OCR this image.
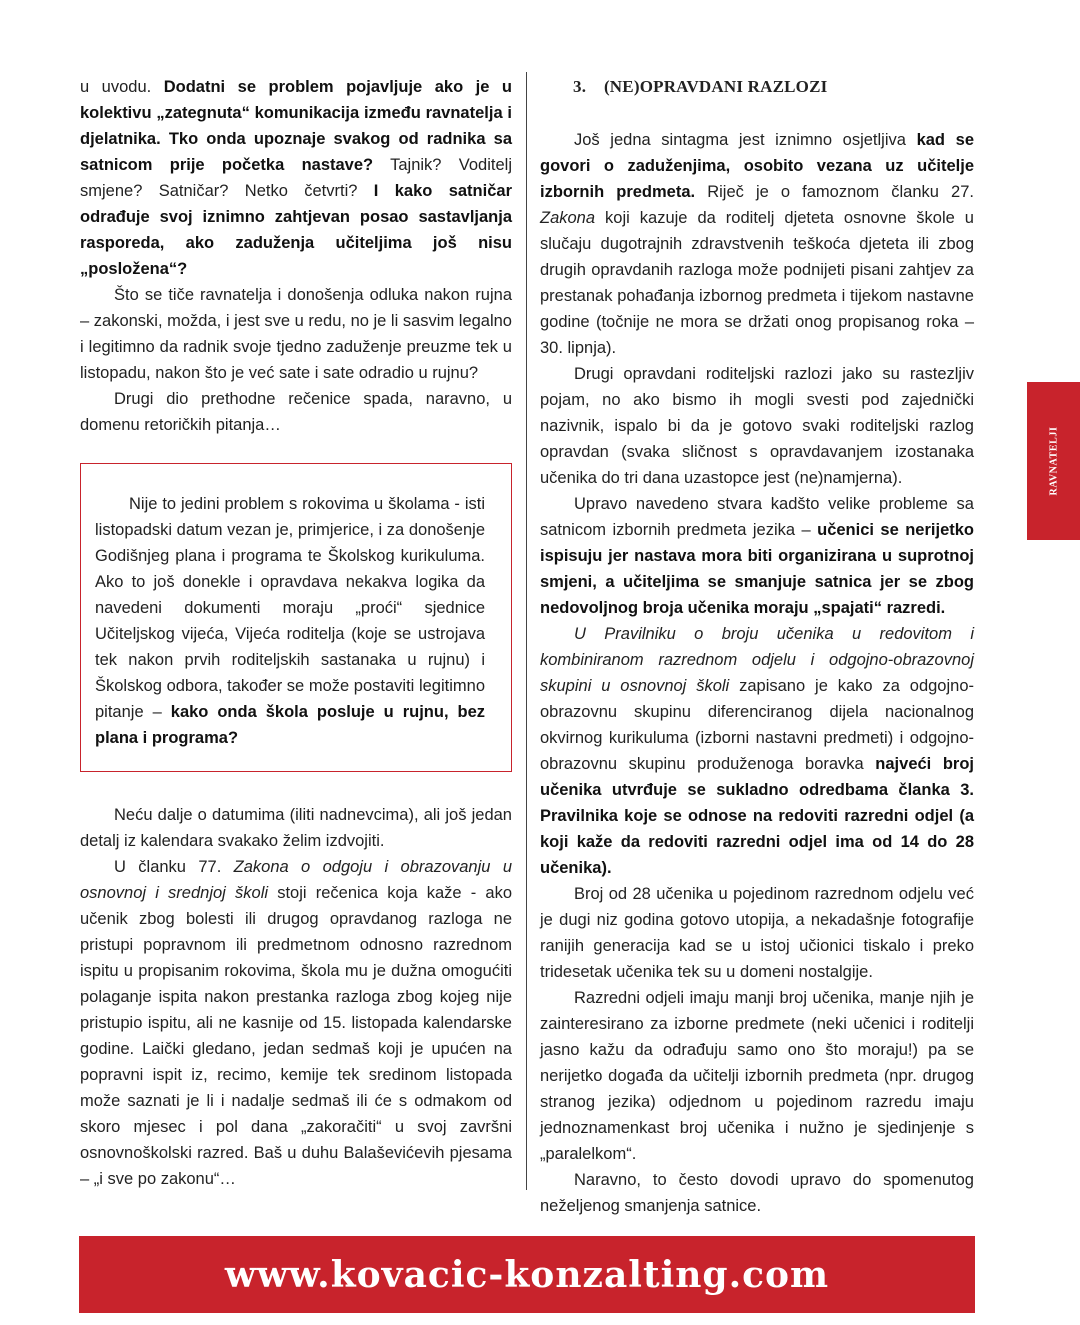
u uvodu. Dodatni se problem pojavljuje ako je u kolektivu „zategnuta“ komunikacija između ravnatelja i djelatnika. Tko onda upoznaje svakog od radnika sa satnicom prije početka nastave? Tajnik? Voditelj smjene? Satničar? Netko četvrti? I kako satničar odrađuje svoj iznimno zahtjevan posao sastavljanja rasporeda, ako zaduženja učiteljima još nisu „posložena“?

Što se tiče ravnatelja i donošenja odluka nakon rujna – zakonski, možda, i jest sve u redu, no je li sasvim legalno i legitimno da radnik svoje tjedno zaduženje preuzme tek u listopadu, nakon što je već sate i sate odradio u rujnu?

Drugi dio prethodne rečenice spada, naravno, u domenu retoričkih pitanja…

Nije to jedini problem s rokovima u školama - isti listopadski datum vezan je, primjerice, i za donošenje Godišnjeg plana i programa te Školskog kurikuluma. Ako to još donekle i opravdava nekakva logika da navedeni dokumenti moraju „proći“ sjednice Učiteljskog vijeća, Vijeća roditelja (koje se ustrojava tek nakon prvih roditeljskih sastanaka u rujnu) i Školskog odbora, također se može postaviti legitimno pitanje – kako onda škola posluje u rujnu, bez plana i programa?

Neću dalje o datumima (iliti nadnevcima), ali još jedan detalj iz kalendara svakako želim izdvojiti.

U članku 77. Zakona o odgoju i obrazovanju u osnovnoj i srednjoj školi stoji rečenica koja kaže - ako učenik zbog bolesti ili drugog opravdanog razloga ne pristupi popravnom ili predmetnom odnosno razrednom ispitu u propisanim rokovima, škola mu je dužna omogućiti polaganje ispita nakon prestanka razloga zbog kojeg nije pristupio ispitu, ali ne kasnije od 15. listopada kalendarske godine. Laički gledano, jedan sedmaš koji je upućen na popravni ispit iz, recimo, kemije tek sredinom listopada može saznati je li i nadalje sedmaš ili će s odmakom od skoro mjesec i pol dana „zakoračiti“ u svoj završni osnovnoškolski razred. Baš u duhu Balaševićevih pjesama – „i sve po zakonu“…

3.    (NE)OPRAVDANI RAZLOZI

Još jedna sintagma jest iznimno osjetljiva kad se govori o zaduženjima, osobito vezana uz učitelje izbornih predmeta. Riječ je o famoznom članku 27. Zakona koji kazuje da roditelj djeteta osnovne škole u slučaju dugotrajnih zdravstvenih teškoća djeteta ili zbog drugih opravdanih razloga može podnijeti pisani zahtjev za prestanak pohađanja izbornog predmeta i tijekom nastavne godine (točnije ne mora se držati onog propisanog roka – 30. lipnja).

Drugi opravdani roditeljski razlozi jako su rastezljiv pojam, no ako bismo ih mogli svesti pod zajednički nazivnik, ispalo bi da je gotovo svaki roditeljski razlog opravdan (svaka sličnost s opravdavanjem izostanaka učenika do tri dana uzastopce jest (ne)namjerna).

Upravo navedeno stvara kadšto velike probleme sa satnicom izbornih predmeta jezika – učenici se nerijetko ispisuju jer nastava mora biti organizirana u suprotnoj smjeni, a učiteljima se smanjuje satnica jer se zbog nedovoljnog broja učenika moraju „spajati“ razredi.

U Pravilniku o broju učenika u redovitom i kombiniranom razrednom odjelu i odgojno-obrazovnoj skupini u osnovnoj školi zapisano je kako za odgojno-obrazovnu skupinu diferenciranog dijela nacionalnog okvirnog kurikuluma (izborni nastavni predmeti) i odgojno-obrazovnu skupinu produženoga boravka najveći broj učenika utvrđuje se sukladno odredbama članka 3. Pravilnika koje se odnose na redoviti razredni odjel (a koji kaže da redoviti razredni odjel ima od 14 do 28 učenika).

Broj od 28 učenika u pojedinom razrednom odjelu već je dugi niz godina gotovo utopija, a nekadašnje fotografije ranijih generacija kad se u istoj učionici tiskalo i preko tridesetak učenika tek su u domeni nostalgije.

Razredni odjeli imaju manji broj učenika, manje njih je zainteresirano za izborne predmete (neki učenici i roditelji jasno kažu da odrađuju samo ono što moraju!) pa se nerijetko događa da učitelji izbornih predmeta (npr. drugog stranog jezika) odjednom u pojedinom razredu imaju jednoznamenkast broj učenika i nužno je sjedinjenje s „paralelkom“.

Naravno, to često dovodi upravo do spomenutog neželjenog smanjenja satnice.

RAVNATELJI
www.kovacic-konzalting.com
